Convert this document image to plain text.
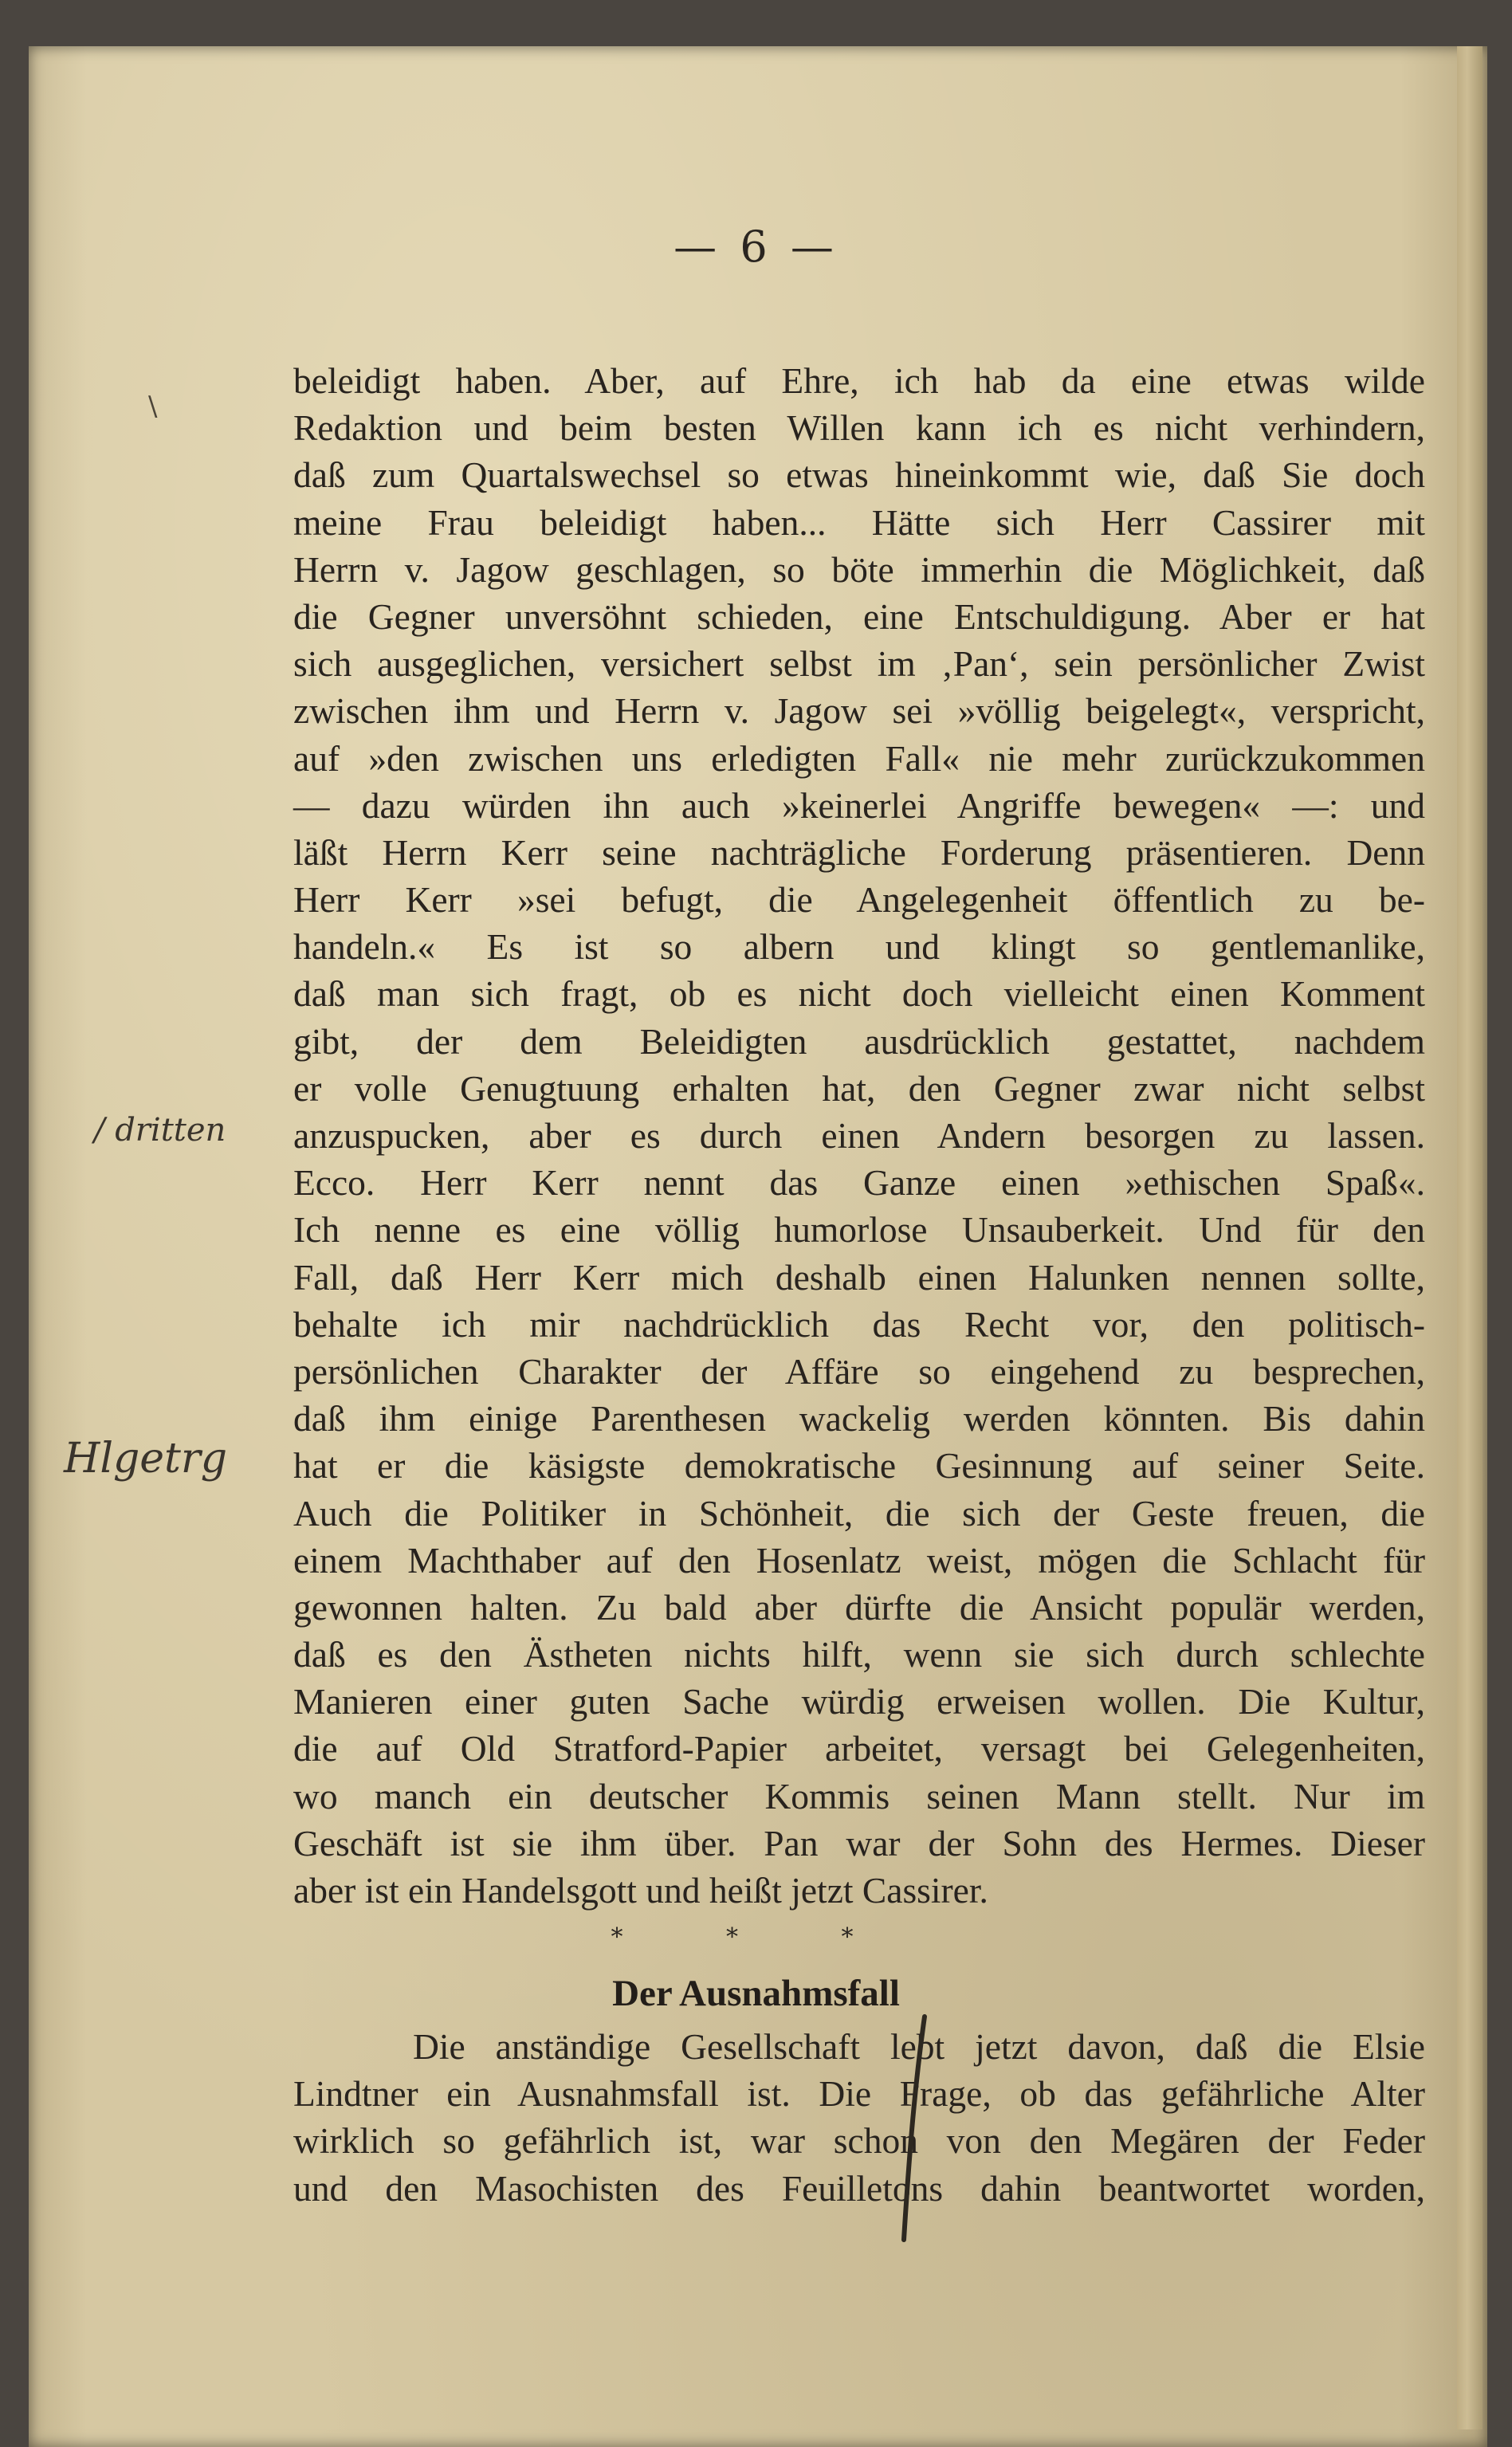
— 6 —
\
beleidigt haben. Aber, auf Ehre, ich hab da eine etwas wilde
Redaktion und beim besten Willen kann ich es nicht verhindern,
daß zum Quartalswechsel so etwas hineinkommt wie, daß Sie doch
meine Frau beleidigt haben... Hätte sich Herr Cassirer mit
Herrn v. Jagow geschlagen, so böte immerhin die Möglichkeit, daß
die Gegner unversöhnt schieden, eine Entschuldigung. Aber er hat
sich ausgeglichen, versichert selbst im ‚Pan‘, sein persönlicher Zwist
zwischen ihm und Herrn v. Jagow sei »völlig beigelegt«, verspricht,
auf »den zwischen uns erledigten Fall« nie mehr zurückzukommen
— dazu würden ihn auch »keinerlei Angriffe bewegen« —: und
läßt Herrn Kerr seine nachträgliche Forderung präsentieren. Denn
Herr Kerr »sei befugt, die Angelegenheit öffentlich zu be-
handeln.« Es ist so albern und klingt so gentlemanlike,
daß man sich fragt, ob es nicht doch vielleicht einen Komment
gibt, der dem Beleidigten ausdrücklich gestattet, nachdem
er volle Genugtuung erhalten hat, den Gegner zwar nicht selbst
anzuspucken, aber es durch einen Andern besorgen zu lassen.
Ecco. Herr Kerr nennt das Ganze einen »ethischen Spaß«.
Ich nenne es eine völlig humorlose Unsauberkeit. Und für den
Fall, daß Herr Kerr mich deshalb einen Halunken nennen sollte,
behalte ich mir nachdrücklich das Recht vor, den politisch-
persönlichen Charakter der Affäre so eingehend zu besprechen,
daß ihm einige Parenthesen wackelig werden könnten. Bis dahin
hat er die käsigste demokratische Gesinnung auf seiner Seite.
Auch die Politiker in Schönheit, die sich der Geste freuen, die
einem Machthaber auf den Hosenlatz weist, mögen die Schlacht für
gewonnen halten. Zu bald aber dürfte die Ansicht populär werden,
daß es den Ästheten nichts hilft, wenn sie sich durch schlechte
Manieren einer guten Sache würdig erweisen wollen. Die Kultur,
die auf Old Stratford-Papier arbeitet, versagt bei Gelegenheiten,
wo manch ein deutscher Kommis seinen Mann stellt. Nur im
Geschäft ist sie ihm über. Pan war der Sohn des Hermes. Dieser
aber ist ein Handelsgott und heißt jetzt Cassirer.
* * *
Der Ausnahmsfall
Die anständige Gesellschaft lebt jetzt davon, daß die Elsie
Lindtner ein Ausnahmsfall ist. Die Frage, ob das gefährliche Alter
wirklich so gefährlich ist, war schon von den Megären der Feder
und den Masochisten des Feuilletons dahin beantwortet worden,
/ dritten
Hlgetrg
